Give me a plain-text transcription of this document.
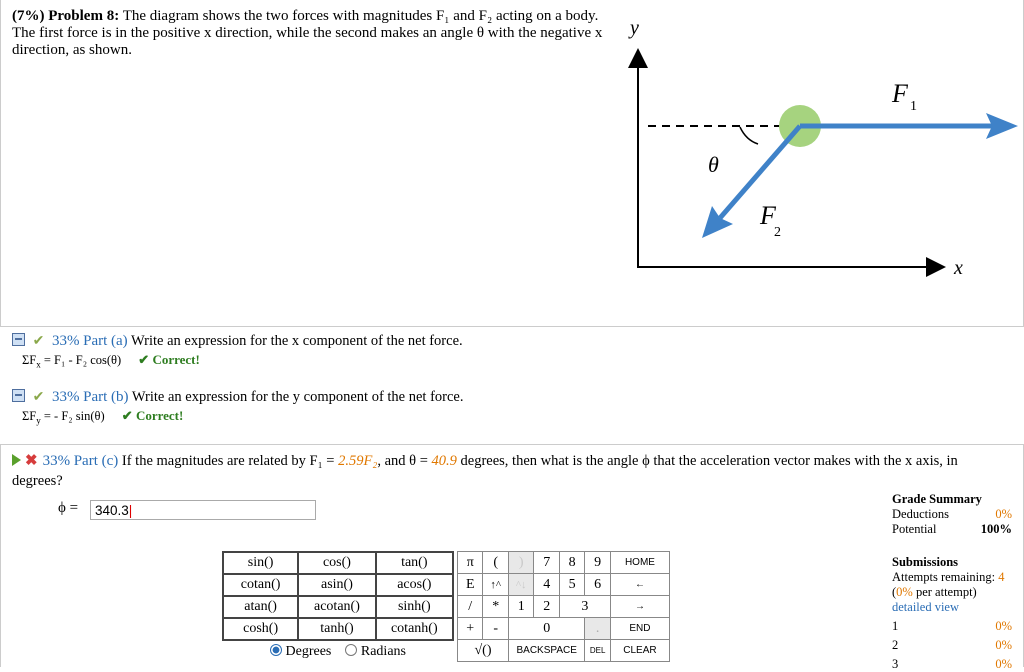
(7%) Problem 8: The diagram shows the two forces with magnitudes F₁ and F₂ acting on a body. The first force is in the positive x direction, while the second makes an angle θ with the negative x direction, as shown.
y
x
θ
F 1
F
2
✔ 33% Part (a) Write an expression for the x component of the net force.
$\Sigma F_x = F_1 - F_2$ cos(θ) ✔ Correct!
✔ 33% Part (b) Write an expression for the y component of the net force.
$\Sigma F_y$ = - F₂ sin(θ) ✔ Correct!
✖ 33% Part (c) If the magnitudes are related by F₁ = 2.59F₂, and θ = 40.9 degrees, then what is the angle ϕ that the acceleration vector makes with the x axis, in degrees?
ϕ =	340.3|
sin()	cos()	tan()
cotan()	asin()	acos()
atan()	acotan()	sinh()
cosh()	tanh()	cotanh()
Degrees Radians		
π	(	)	7	8	9	HOME
E	↑^	^↓	4	5	6	←
/	*	1	2	3		→
+	-	0			.	END
√()		BACKSPACE			DEL	CLEAR
Grade Summary
Deductions	0%
Potential	100%
Submissions
Attempts remaining: 4
(0% per attempt)
detailed view
1	0%
2	0%
3	0%
